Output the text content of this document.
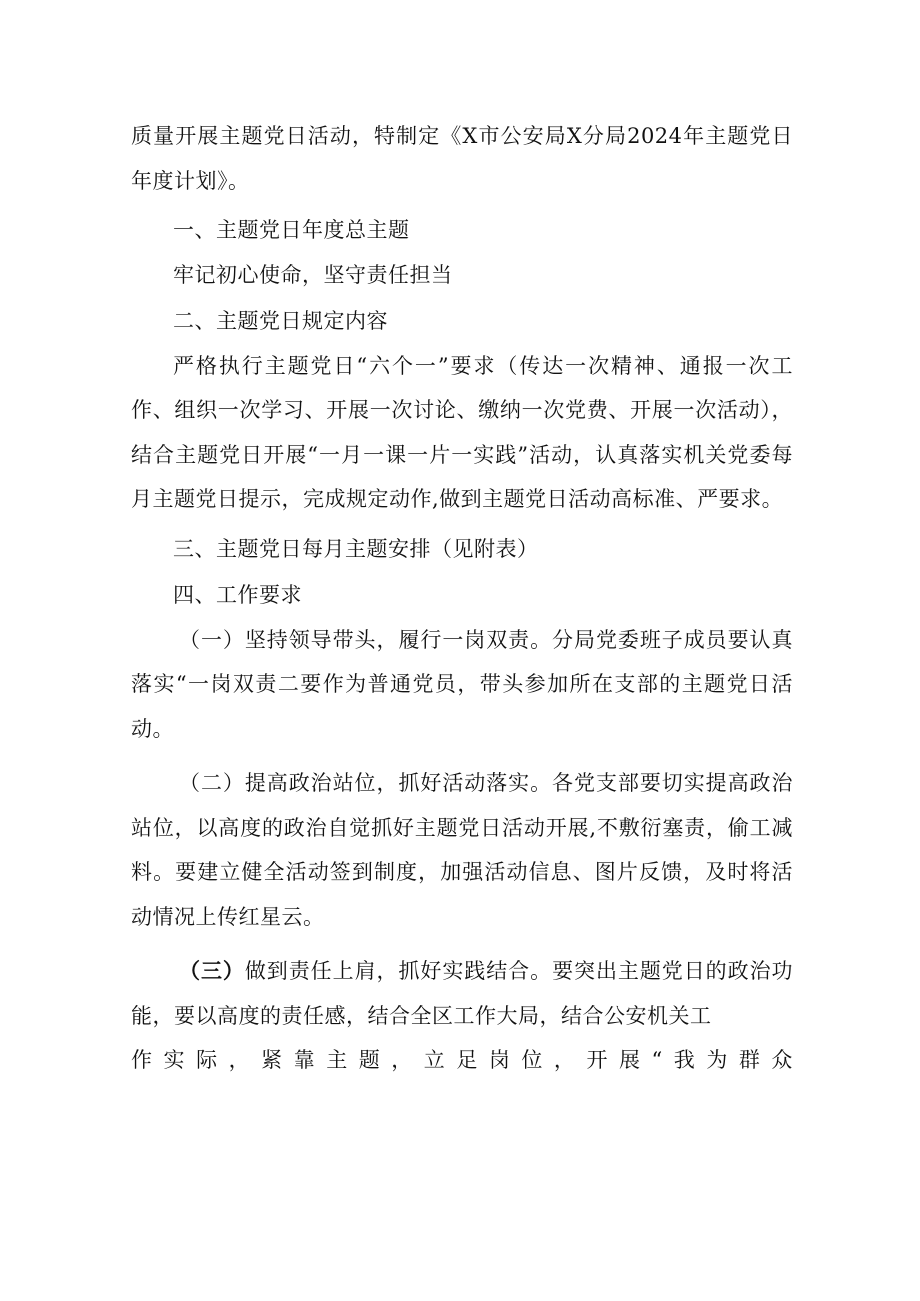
质量开展主题党日活动，特制定《X市公安局X分局2024年主题党日年度计划》。

一、主题党日年度总主题

牢记初心使命，坚守责任担当

二、主题党日规定内容

严格执行主题党日“六个一”要求（传达一次精神、通报一次工作、组织一次学习、开展一次讨论、缴纳一次党费、开展一次活动），结合主题党日开展“一月一课一片一实践”活动，认真落实机关党委每月主题党日提示，完成规定动作,做到主题党日活动高标准、严要求。

三、主题党日每月主题安排（见附表）
四、工作要求

（一）坚持领导带头，履行一岗双责。分局党委班子成员要认真落实“一岗双责二要作为普通党员，带头参加所在支部的主题党日活动。

（二）提高政治站位，抓好活动落实。各党支部要切实提高政治站位，以高度的政治自觉抓好主题党日活动开展,不敷衍塞责，偷工减料。要建立健全活动签到制度，加强活动信息、图片反馈，及时将活动情况上传红星云。

（三）做到责任上肩，抓好实践结合。要突出主题党日的政治功能，要以高度的责任感，结合全区工作大局，结合公安机关工

作 实 际 ， 紧 靠 主 题 ， 立 足 岗 位 ， 开 展 “ 我 为 群 众
